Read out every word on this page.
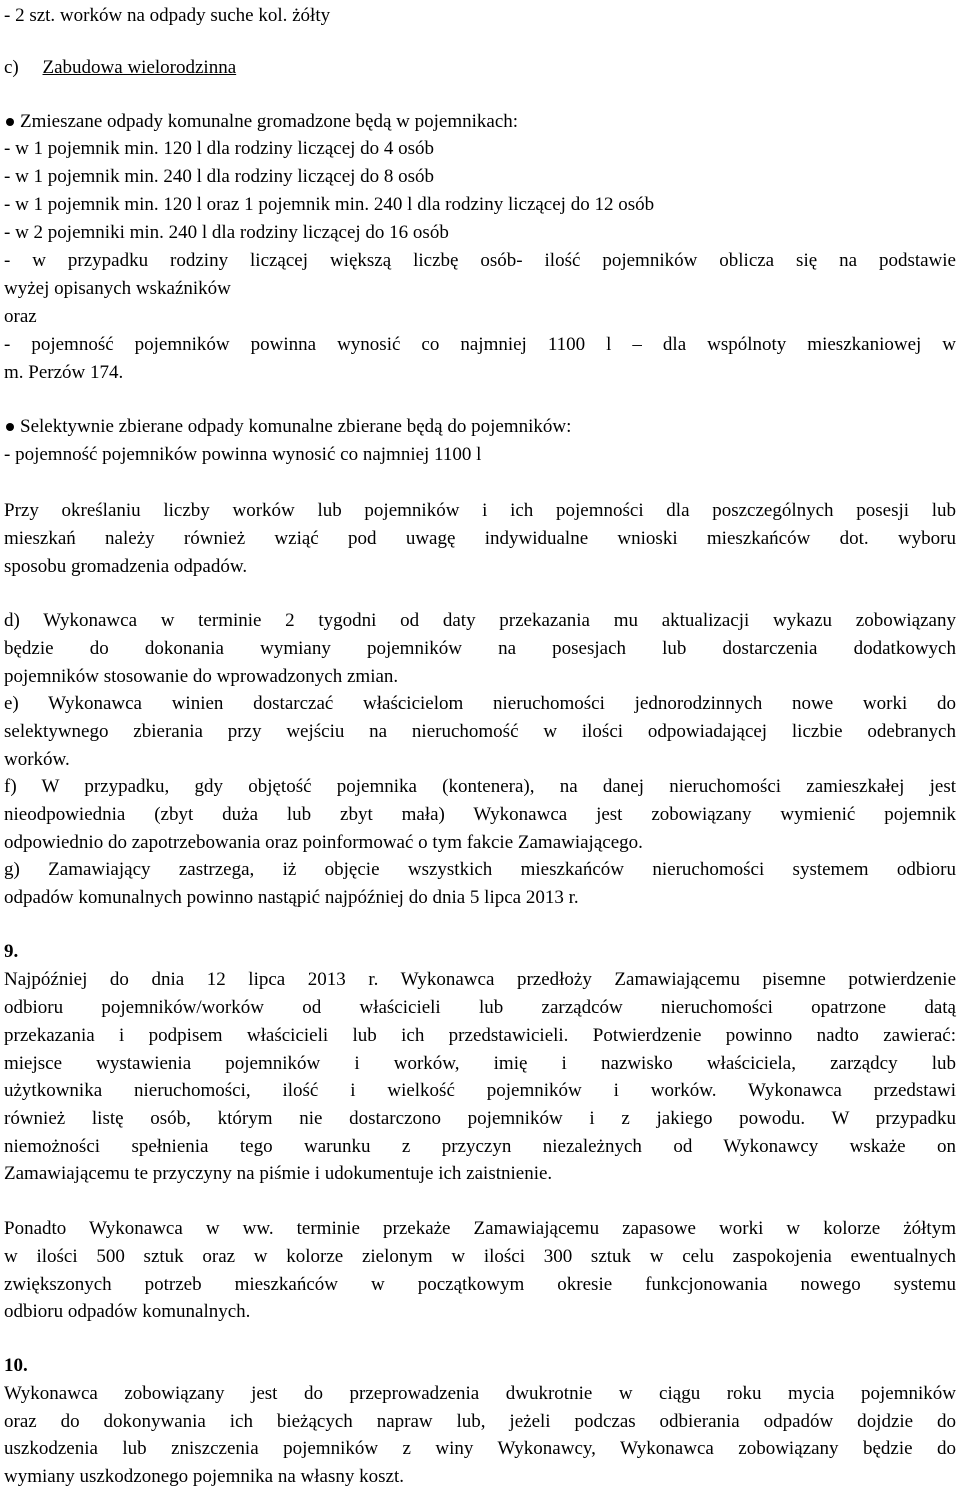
- 2 szt. worków na odpady suche kol. żółty
c) Zabudowa wielorodzinna
Zmieszane odpady komunalne gromadzone będą w pojemnikach:
- w 1 pojemnik min. 120 l dla rodziny liczącej do 4 osób
- w 1 pojemnik min. 240 l dla rodziny liczącej do 8 osób
- w 1 pojemnik min. 120 l oraz 1 pojemnik min. 240 l dla rodziny liczącej do 12 osób
- w 2 pojemniki min. 240 l dla rodziny liczącej do 16 osób
- w przypadku rodziny liczącej większą liczbę osób- ilość pojemników oblicza się na podstawie
wyżej opisanych wskaźników
oraz
- pojemność pojemników powinna wynosić co najmniej 1100 l – dla wspólnoty mieszkaniowej w
m. Perzów 174.
Selektywnie zbierane odpady komunalne zbierane będą do pojemników:
- pojemność pojemników powinna wynosić co najmniej 1100 l
Przy określaniu liczby worków lub pojemników i ich pojemności dla poszczególnych posesji lub
mieszkań należy również wziąć pod uwagę indywidualne wnioski mieszkańców dot. wyboru
sposobu gromadzenia odpadów.
d) Wykonawca w terminie 2 tygodni od daty przekazania mu aktualizacji wykazu zobowiązany
będzie do dokonania wymiany pojemników na posesjach lub dostarczenia dodatkowych
pojemników stosowanie do wprowadzonych zmian.
e) Wykonawca winien dostarczać właścicielom nieruchomości jednorodzinnych nowe worki do
selektywnego zbierania przy wejściu na nieruchomość w ilości odpowiadającej liczbie odebranych
worków.
f) W przypadku, gdy objętość pojemnika (kontenera), na danej nieruchomości zamieszkałej jest
nieodpowiednia (zbyt duża lub zbyt mała) Wykonawca jest zobowiązany wymienić pojemnik
odpowiednio do zapotrzebowania oraz poinformować o tym fakcie Zamawiającego.
g) Zamawiający zastrzega, iż objęcie wszystkich mieszkańców nieruchomości systemem odbioru
odpadów komunalnych powinno nastąpić najpóźniej do dnia 5 lipca 2013 r.
9.
Najpóźniej do dnia 12 lipca 2013 r. Wykonawca przedłoży Zamawiającemu pisemne potwierdzenie
odbioru pojemników/worków od właścicieli lub zarządców nieruchomości opatrzone datą
przekazania i podpisem właścicieli lub ich przedstawicieli. Potwierdzenie powinno nadto zawierać:
miejsce wystawienia pojemników i worków, imię i nazwisko właściciela, zarządcy lub
użytkownika nieruchomości, ilość i wielkość pojemników i worków. Wykonawca przedstawi
również listę osób, którym nie dostarczono pojemników i z jakiego powodu. W przypadku
niemożności spełnienia tego warunku z przyczyn niezależnych od Wykonawcy wskaże on
Zamawiającemu te przyczyny na piśmie i udokumentuje ich zaistnienie.
Ponadto Wykonawca w ww. terminie przekaże Zamawiającemu zapasowe worki w kolorze żółtym
w ilości 500 sztuk oraz w kolorze zielonym w ilości 300 sztuk w celu zaspokojenia ewentualnych
zwiększonych potrzeb mieszkańców w początkowym okresie funkcjonowania nowego systemu
odbioru odpadów komunalnych.
10.
Wykonawca zobowiązany jest do przeprowadzenia dwukrotnie w ciągu roku mycia pojemników
oraz do dokonywania ich bieżących napraw lub, jeżeli podczas odbierania odpadów dojdzie do
uszkodzenia lub zniszczenia pojemników z winy Wykonawcy, Wykonawca zobowiązany będzie do
wymiany uszkodzonego pojemnika na własny koszt.
